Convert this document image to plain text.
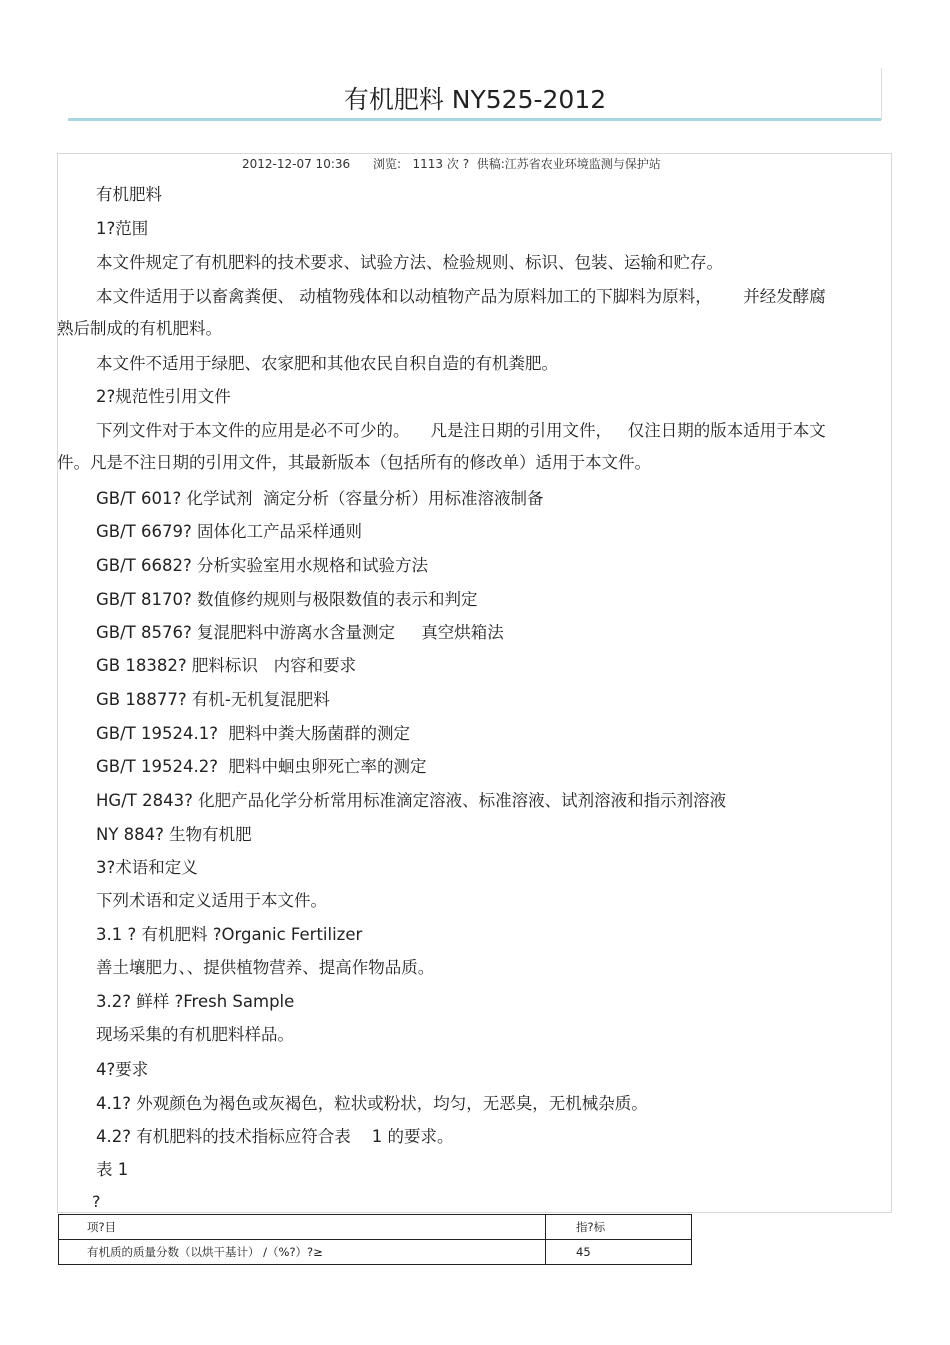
有机肥料 NY525-2012
2012-12-07 10:36 浏览: 1113 次 ? 供稿:江苏省农业环境监测与保护站
有机肥料
1?范围
本文件规定了有机肥料的技术要求、试验方法、检验规则、标识、包装、运输和贮存。
本文件适用于以畜禽粪便、 动植物残体和以动植物产品为原料加工的下脚料为原料，      并经发酵腐
熟后制成的有机肥料。
本文件不适用于绿肥、农家肥和其他农民自积自造的有机粪肥。
2?规范性引用文件
下列文件对于本文件的应用是必不可少的。    凡是注日期的引用文件，   仅注日期的版本适用于本文
件。凡是不注日期的引用文件，其最新版本（包括所有的修改单）适用于本文件。
GB/T 601? 化学试剂  滴定分析（容量分析）用标准溶液制备
GB/T 6679? 固体化工产品采样通则
GB/T 6682? 分析实验室用水规格和试验方法
GB/T 8170? 数值修约规则与极限数值的表示和判定
GB/T 8576? 复混肥料中游离水含量测定     真空烘箱法
GB 18382? 肥料标识   内容和要求
GB 18877? 有机-无机复混肥料
GB/T 19524.1?  肥料中粪大肠菌群的测定
GB/T 19524.2?  肥料中蛔虫卵死亡率的测定
HG/T 2843? 化肥产品化学分析常用标准滴定溶液、标准溶液、试剂溶液和指示剂溶液
NY 884? 生物有机肥
3?术语和定义
下列术语和定义适用于本文件。
3.1 ? 有机肥料 ?Organic Fertilizer
善土壤肥力、、提供植物营养、提高作物品质。
3.2? 鲜样 ?Fresh Sample
现场采集的有机肥料样品。
4?要求
4.1? 外观颜色为褐色或灰褐色，粒状或粉状，均匀，无恶臭，无机械杂质。
4.2? 有机肥料的技术指标应符合表    1 的要求。
表 1
?
项?目	指?标
有机质的质量分数（以烘干基计） /（%?）?≥	45
